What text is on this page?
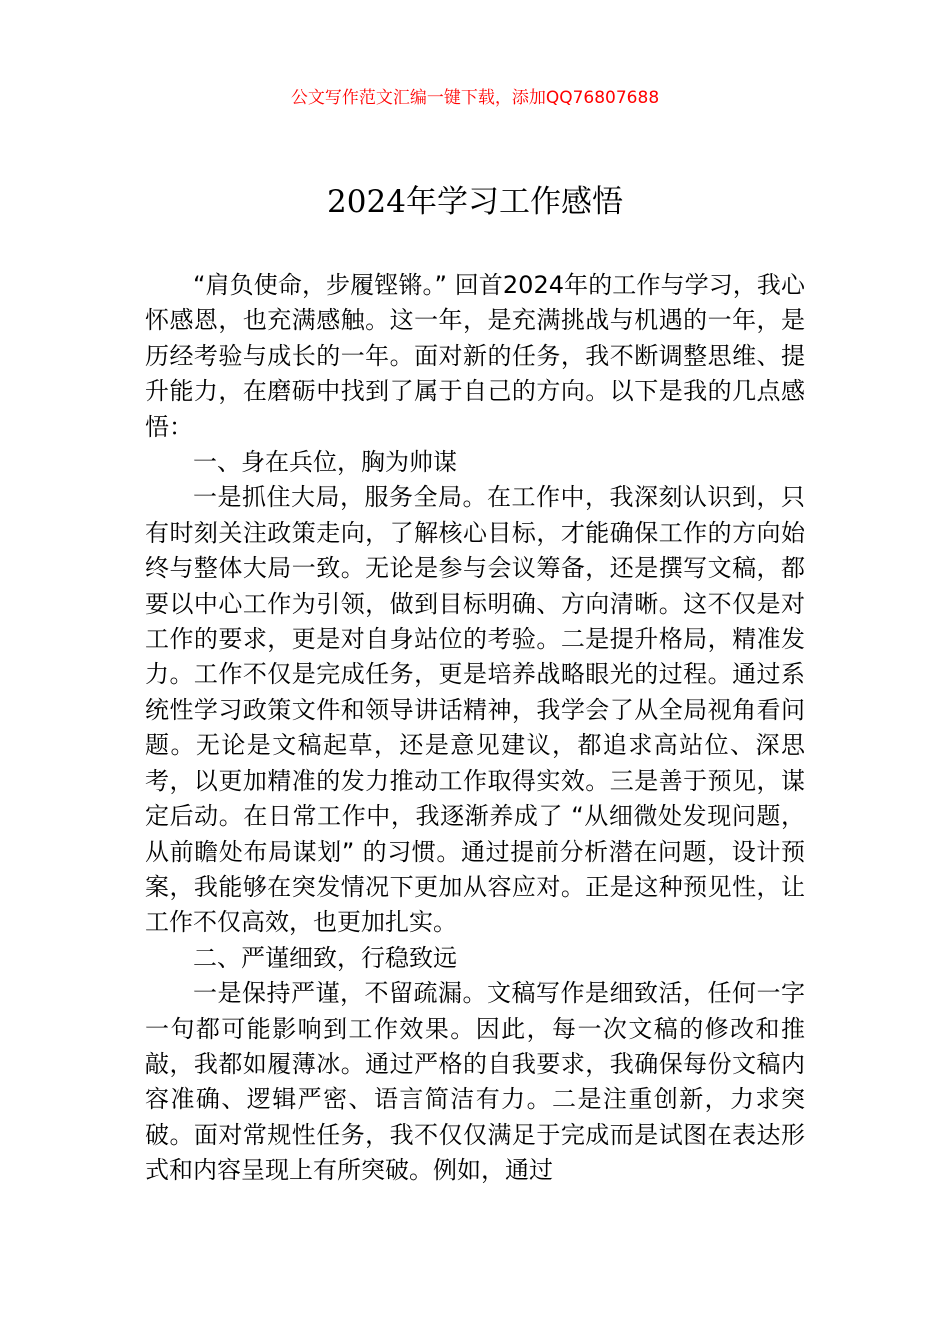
公文写作范文汇编一键下载，添加QQ76807688
2024年学习工作感悟

“肩负使命，步履铿锵。” 回首2024年的工作与学习，我心怀感恩，也充满感触。这一年，是充满挑战与机遇的一年，是历经考验与成长的一年。面对新的任务，我不断调整思维、提升能力，在磨砺中找到了属于自己的方向。以下是我的几点感悟：

一、身在兵位，胸为帅谋

一是抓住大局，服务全局。在工作中，我深刻认识到，只有时刻关注政策走向，了解核心目标，才能确保工作的方向始终与整体大局一致。无论是参与会议筹备，还是撰写文稿，都要以中心工作为引领，做到目标明确、方向清晰。这不仅是对工作的要求，更是对自身站位的考验。二是提升格局，精准发力。工作不仅是完成任务，更是培养战略眼光的过程。通过系统性学习政策文件和领导讲话精神，我学会了从全局视角看问题。无论是文稿起草，还是意见建议，都追求高站位、深思考，以更加精准的发力推动工作取得实效。三是善于预见，谋定后动。在日常工作中，我逐渐养成了 “从细微处发现问题，从前瞻处布局谋划” 的习惯。通过提前分析潜在问题，设计预案，我能够在突发情况下更加从容应对。正是这种预见性，让工作不仅高效，也更加扎实。

二、严谨细致，行稳致远

一是保持严谨，不留疏漏。文稿写作是细致活，任何一字一句都可能影响到工作效果。因此，每一次文稿的修改和推敲，我都如履薄冰。通过严格的自我要求，我确保每份文稿内容准确、逻辑严密、语言简洁有力。二是注重创新，力求突破。面对常规性任务，我不仅仅满足于完成而是试图在表达形式和内容呈现上有所突破。例如，通过
